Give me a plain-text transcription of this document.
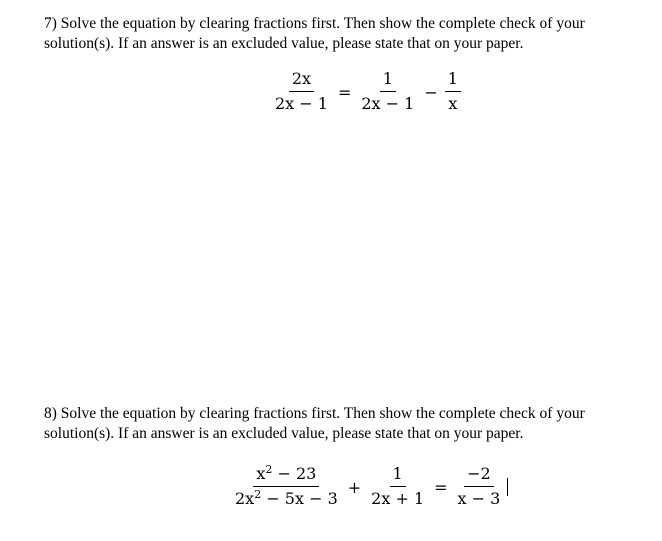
7) Solve the equation by clearing fractions first. Then show the complete check of your
solution(s). If an answer is an excluded value, please state that on your paper.
$\frac{2x}{2x - 1} = \frac{1}{2x - 1} - \frac{1}{x}$
8) Solve the equation by clearing fractions first. Then show the complete check of your
solution(s). If an answer is an excluded value, please state that on your paper.
$\frac{x^2 - 23}{2x^2 - 5x - 3} + \frac{1}{2x + 1} = \frac{-2}{x - 3}$
